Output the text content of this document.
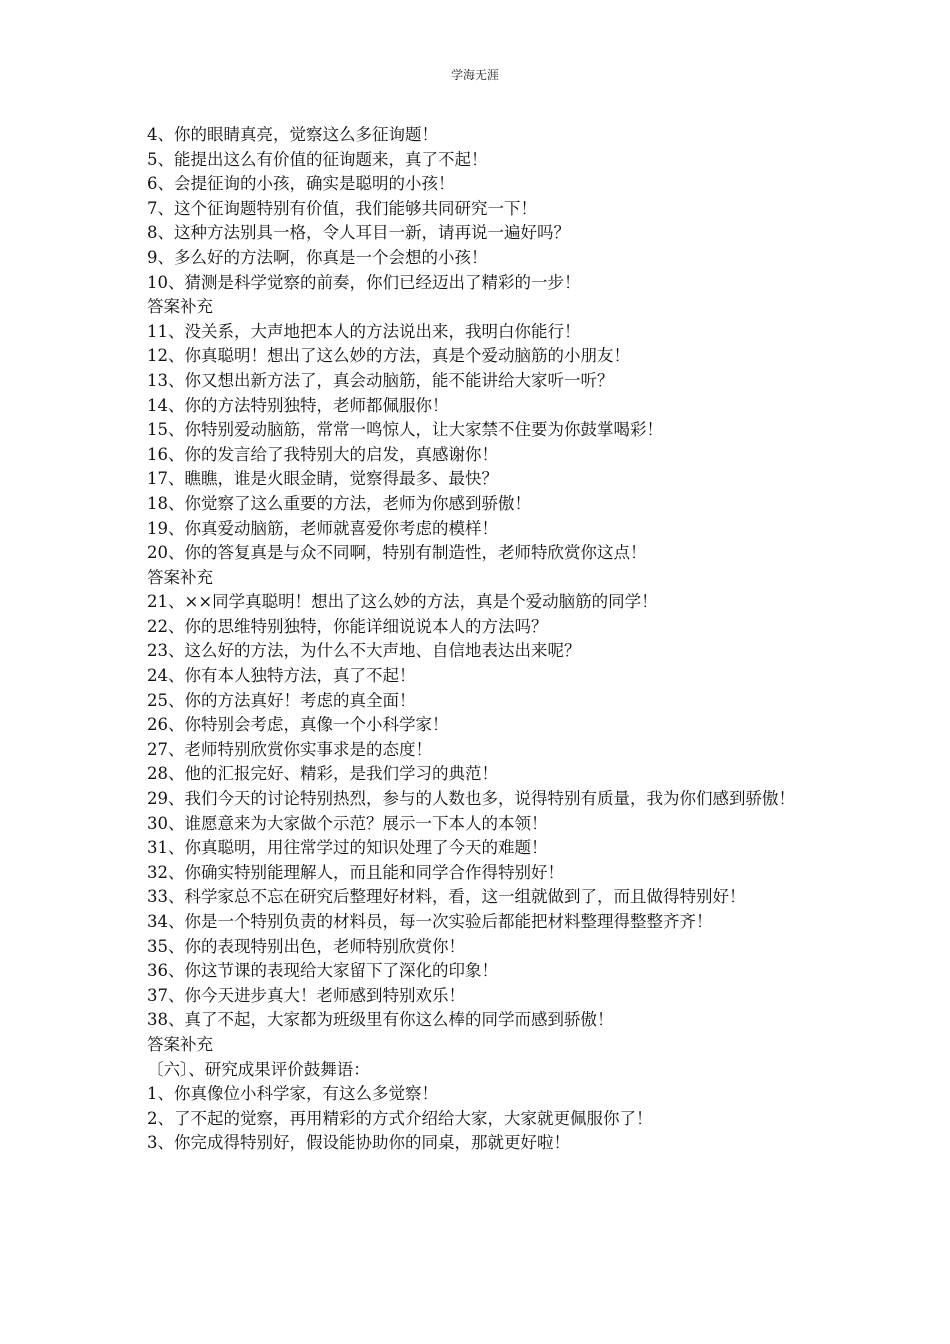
学海无涯
4、你的眼睛真亮，觉察这么多征询题！
5、能提出这么有价值的征询题来，真了不起！
6、会提征询的小孩，确实是聪明的小孩！
7、这个征询题特别有价值，我们能够共同研究一下！
8、这种方法别具一格，令人耳目一新，请再说一遍好吗？
9、多么好的方法啊，你真是一个会想的小孩！
10、猜测是科学觉察的前奏，你们已经迈出了精彩的一步！
答案补充
11、没关系，大声地把本人的方法说出来，我明白你能行！
12、你真聪明！想出了这么妙的方法，真是个爱动脑筋的小朋友！
13、你又想出新方法了，真会动脑筋，能不能讲给大家听一听？
14、你的方法特别独特，老师都佩服你！
15、你特别爱动脑筋，常常一鸣惊人，让大家禁不住要为你鼓掌喝彩！
16、你的发言给了我特别大的启发，真感谢你！
17、瞧瞧，谁是火眼金睛，觉察得最多、最快？
18、你觉察了这么重要的方法，老师为你感到骄傲！
19、你真爱动脑筋，老师就喜爱你考虑的模样！
20、你的答复真是与众不同啊，特别有制造性，老师特欣赏你这点！
答案补充
21、××同学真聪明！想出了这么妙的方法，真是个爱动脑筋的同学！
22、你的思维特别独特，你能详细说说本人的方法吗？
23、这么好的方法，为什么不大声地、自信地表达出来呢？
24、你有本人独特方法，真了不起！
25、你的方法真好！考虑的真全面！
26、你特别会考虑，真像一个小科学家！
27、老师特别欣赏你实事求是的态度！
28、他的汇报完好、精彩，是我们学习的典范！
29、我们今天的讨论特别热烈，参与的人数也多，说得特别有质量，我为你们感到骄傲！
30、谁愿意来为大家做个示范？展示一下本人的本领！
31、你真聪明，用往常学过的知识处理了今天的难题！
32、你确实特别能理解人，而且能和同学合作得特别好！
33、科学家总不忘在研究后整理好材料，看，这一组就做到了，而且做得特别好！
34、你是一个特别负责的材料员，每一次实验后都能把材料整理得整整齐齐！
35、你的表现特别出色，老师特别欣赏你！
36、你这节课的表现给大家留下了深化的印象！
37、你今天进步真大！老师感到特别欢乐！
38、真了不起，大家都为班级里有你这么棒的同学而感到骄傲！
答案补充
〔六〕、研究成果评价鼓舞语：
1、你真像位小科学家，有这么多觉察！
2、了不起的觉察，再用精彩的方式介绍给大家，大家就更佩服你了！
3、你完成得特别好，假设能协助你的同桌，那就更好啦！
